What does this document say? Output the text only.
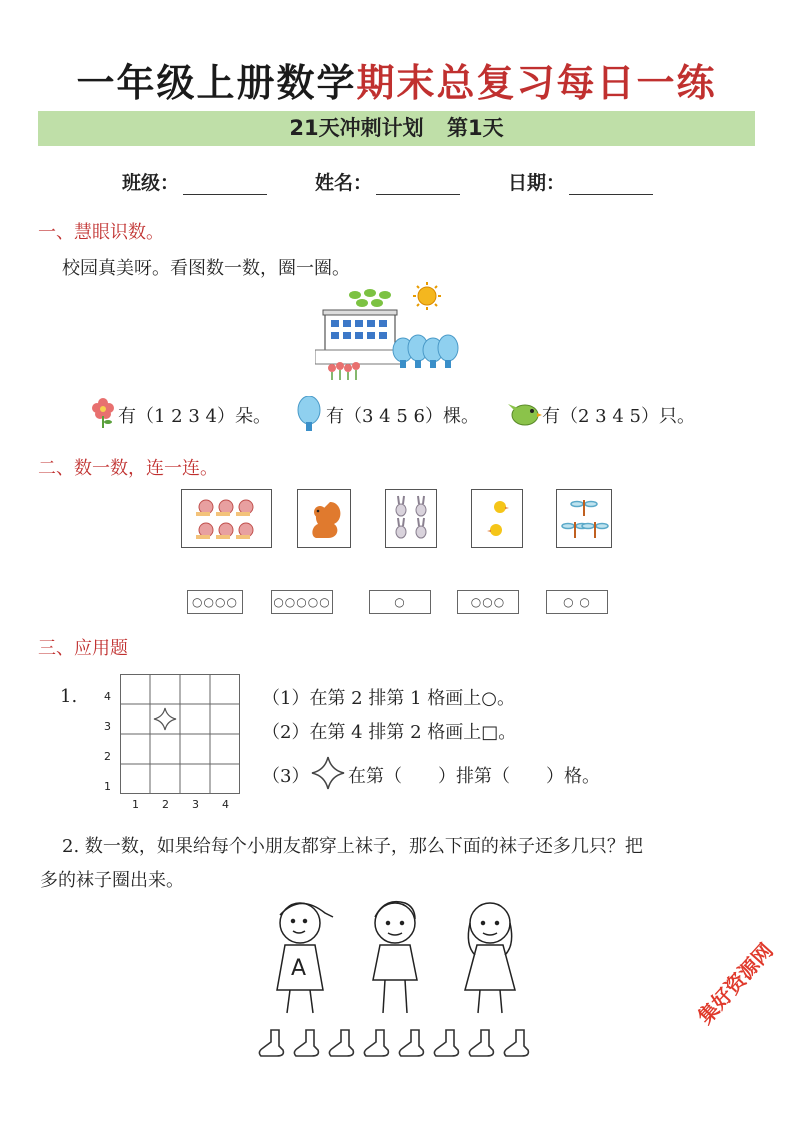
一年级上册数学期末总复习每日一练
21天冲刺计划 第1天
班级：	姓名：	日期：
一、慧眼识数。
校园真美呀。看图数一数，圈一圈。
有（1 2 3 4）朵。	有（3 4 5 6）棵。	有（2 3 4 5）只。
二、数一数，连一连。
○○○○	○○○○○	○	○○○	○ ○
三、应用题
1. 4
3
2
1
1 2 3 4
（1）在第 2 排第 1 格画上○。
（2）在第 4 排第 2 格画上□。
（3） 在第（　　）排第（　　）格。
2. 数一数，如果给每个小朋友都穿上袜子，那么下面的袜子还多几只？把
多的袜子圈出来。
A	集好资源网
